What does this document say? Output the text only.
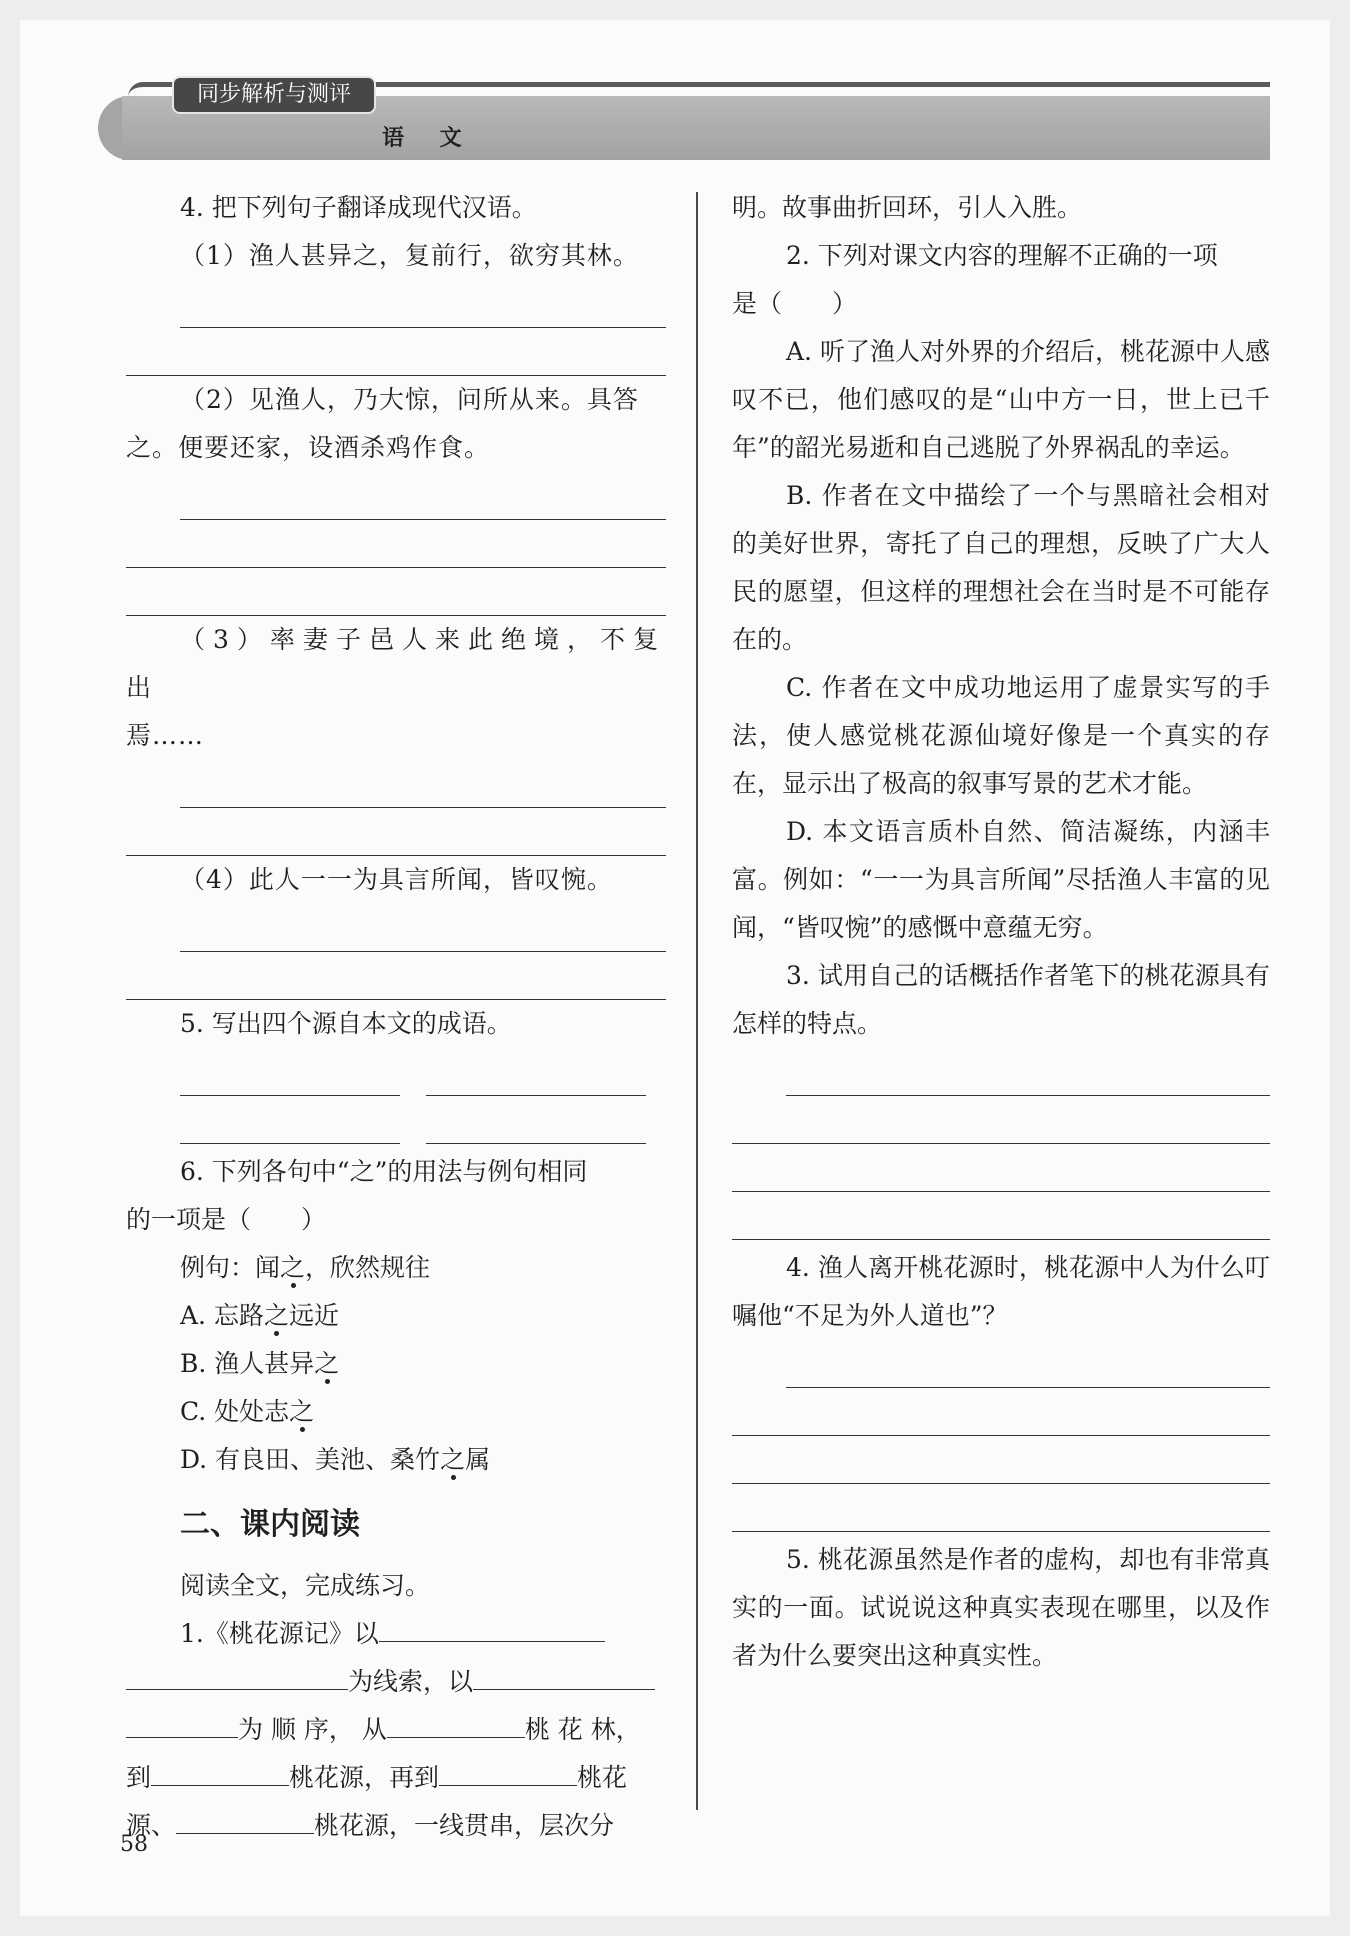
同步解析与测评
语 文

4. 把下列句子翻译成现代汉语。

（1）渔人甚异之，复前行，欲穷其林。

（2）见渔人，乃大惊，问所从来。具答

之。便要还家，设酒杀鸡作食。

（3）率妻子邑人来此绝境，不复出

焉……

（4）此人一一为具言所闻，皆叹惋。

5. 写出四个源自本文的成语。

6. 下列各句中“之”的用法与例句相同

的一项是（　　）

例句：闻之，欣然规往

A. 忘路之远近

B. 渔人甚异之

C. 处处志之

D. 有良田、美池、桑竹之属

二、课内阅读

阅读全文，完成练习。

1.《桃花源记》以

为线索，以

为 顺 序， 从	桃 花 林，

到	桃花源，再到	桃花

源、	桃花源，一线贯串，层次分

明。故事曲折回环，引人入胜。

2. 下列对课文内容的理解不正确的一项

是（　　）

A. 听了渔人对外界的介绍后，桃花源中人感叹不已，他们感叹的是“山中方一日，世上已千年”的韶光易逝和自己逃脱了外界祸乱的幸运。

B. 作者在文中描绘了一个与黑暗社会相对的美好世界，寄托了自己的理想，反映了广大人民的愿望，但这样的理想社会在当时是不可能存在的。

C. 作者在文中成功地运用了虚景实写的手法，使人感觉桃花源仙境好像是一个真实的存在，显示出了极高的叙事写景的艺术才能。

D. 本文语言质朴自然、简洁凝练，内涵丰富。例如：“一一为具言所闻”尽括渔人丰富的见闻，“皆叹惋”的感慨中意蕴无穷。

3. 试用自己的话概括作者笔下的桃花源具有怎样的特点。

4. 渔人离开桃花源时，桃花源中人为什么叮嘱他“不足为外人道也”？

5. 桃花源虽然是作者的虚构，却也有非常真实的一面。试说说这种真实表现在哪里，以及作者为什么要突出这种真实性。

58
